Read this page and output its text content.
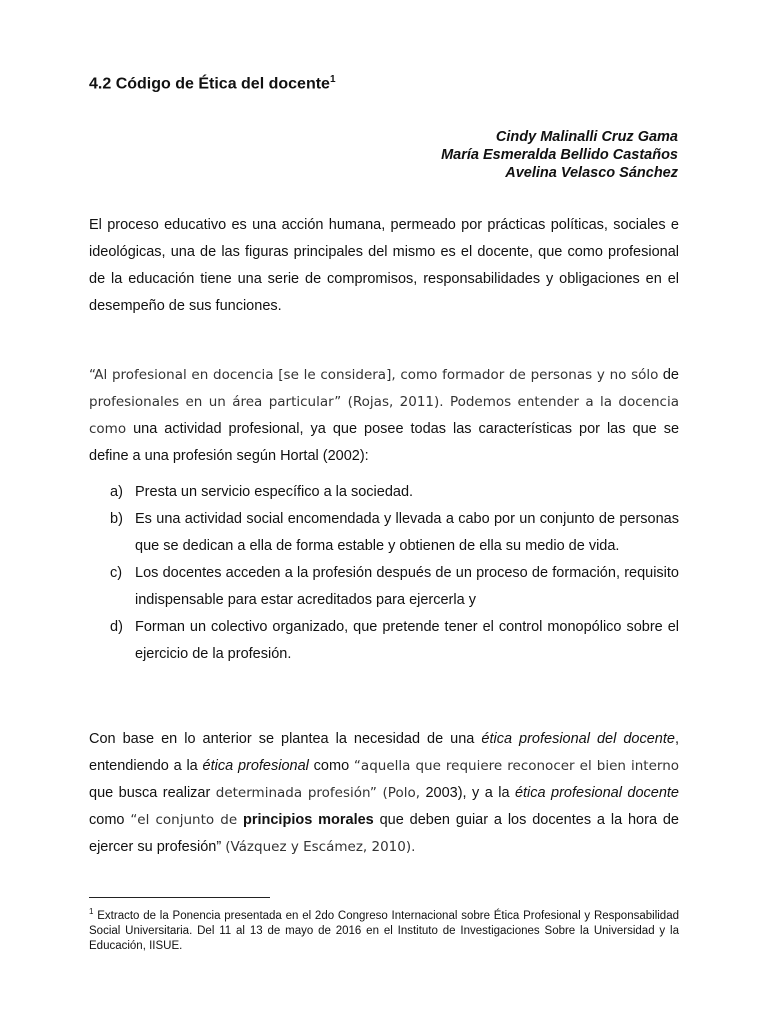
4.2 Código de Ética del docente$^1$
Cindy Malinalli Cruz Gama
María Esmeralda Bellido Castaños
Avelina Velasco Sánchez

El proceso educativo es una acción humana, permeado por prácticas políticas, sociales e ideológicas, una de las figuras principales del mismo es el docente, que como profesional de la educación tiene una serie de compromisos, responsabilidades y obligaciones en el desempeño de sus funciones.

“Al profesional en docencia [se le considera], como formador de personas y no sólo de profesionales en un área particular” (Rojas, 2011). Podemos entender a la docencia como una actividad profesional, ya que posee todas las características por las que se define a una profesión según Hortal (2002):

a) Presta un servicio específico a la sociedad.
b) Es una actividad social encomendada y llevada a cabo por un conjunto de personas que se dedican a ella de forma estable y obtienen de ella su medio de vida.
c) Los docentes acceden a la profesión después de un proceso de formación, requisito indispensable para estar acreditados para ejercerla y
d) Forman un colectivo organizado, que pretende tener el control monopólico sobre el ejercicio de la profesión.

Con base en lo anterior se plantea la necesidad de una ética profesional del docente, entendiendo a la ética profesional como “aquella que requiere reconocer el bien interno que busca realizar determinada profesión” (Polo, 2003), y a la ética profesional docente como “el conjunto de principios morales que deben guiar a los docentes a la hora de ejercer su profesión” (Vázquez y Escámez, 2010).

$^1$ Extracto de la Ponencia presentada en el 2do Congreso Internacional sobre Ética Profesional y Responsabilidad Social Universitaria. Del 11 al 13 de mayo de 2016 en el Instituto de Investigaciones Sobre la Universidad y la Educación, IISUE.
